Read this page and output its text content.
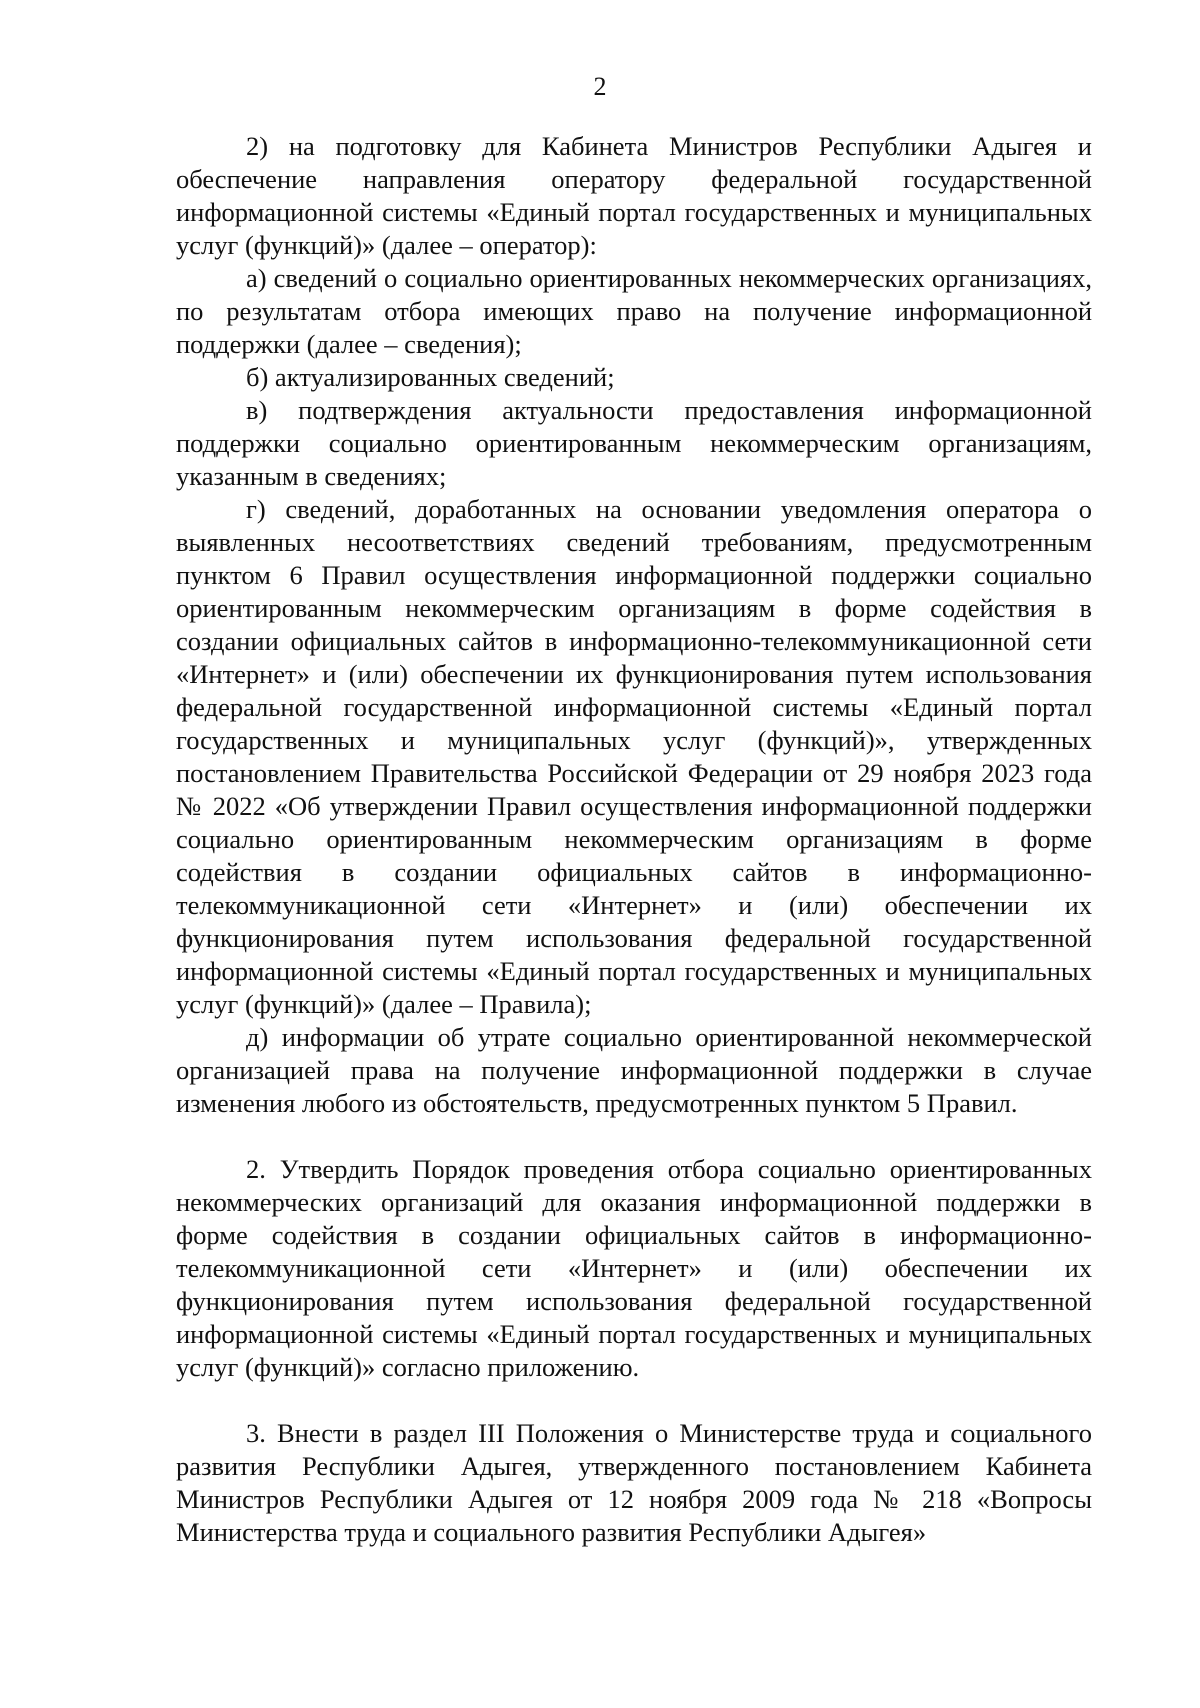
2

2) на подготовку для Кабинета Министров Республики Адыгея и обеспечение направления оператору федеральной государственной информационной системы «Единый портал государственных и муниципальных услуг (функций)» (далее – оператор):

а) сведений о социально ориентированных некоммерческих организациях, по результатам отбора имеющих право на получение информационной поддержки (далее – сведения);

б) актуализированных сведений;

в) подтверждения актуальности предоставления информационной поддержки социально ориентированным некоммерческим организациям, указанным в сведениях;

г) сведений, доработанных на основании уведомления оператора о выявленных несоответствиях сведений требованиям, предусмотренным пунктом 6 Правил осуществления информационной поддержки социально ориентированным некоммерческим организациям в форме содействия в создании официальных сайтов в информационно-телекоммуникационной сети «Интернет» и (или) обеспечении их функционирования путем использования федеральной государственной информационной системы «Единый портал государственных и муниципальных услуг (функций)», утвержденных постановлением Правительства Российской Федерации от 29 ноября 2023 года № 2022 «Об утверждении Правил осуществления информационной поддержки социально ориентированным некоммерческим организациям в форме содействия в создании официальных сайтов в информационно-телекоммуникационной сети «Интернет» и (или) обеспечении их функционирования путем использования федеральной государственной информационной системы «Единый портал государственных и муниципальных услуг (функций)» (далее – Правила);

д) информации об утрате социально ориентированной некоммерческой организацией права на получение информационной поддержки в случае изменения любого из обстоятельств, предусмотренных пунктом 5 Правил.

2. Утвердить Порядок проведения отбора социально ориентированных некоммерческих организаций для оказания информационной поддержки в форме содействия в создании официальных сайтов в информационно-телекоммуникационной сети «Интернет» и (или) обеспечении их функционирования путем использования федеральной государственной информационной системы «Единый портал государственных и муниципальных услуг (функций)» согласно приложению.

3. Внести в раздел III Положения о Министерстве труда и социального развития Республики Адыгея, утвержденного постановлением Кабинета Министров Республики Адыгея от 12 ноября 2009 года № 218 «Вопросы Министерства труда и социального развития Республики Адыгея»
